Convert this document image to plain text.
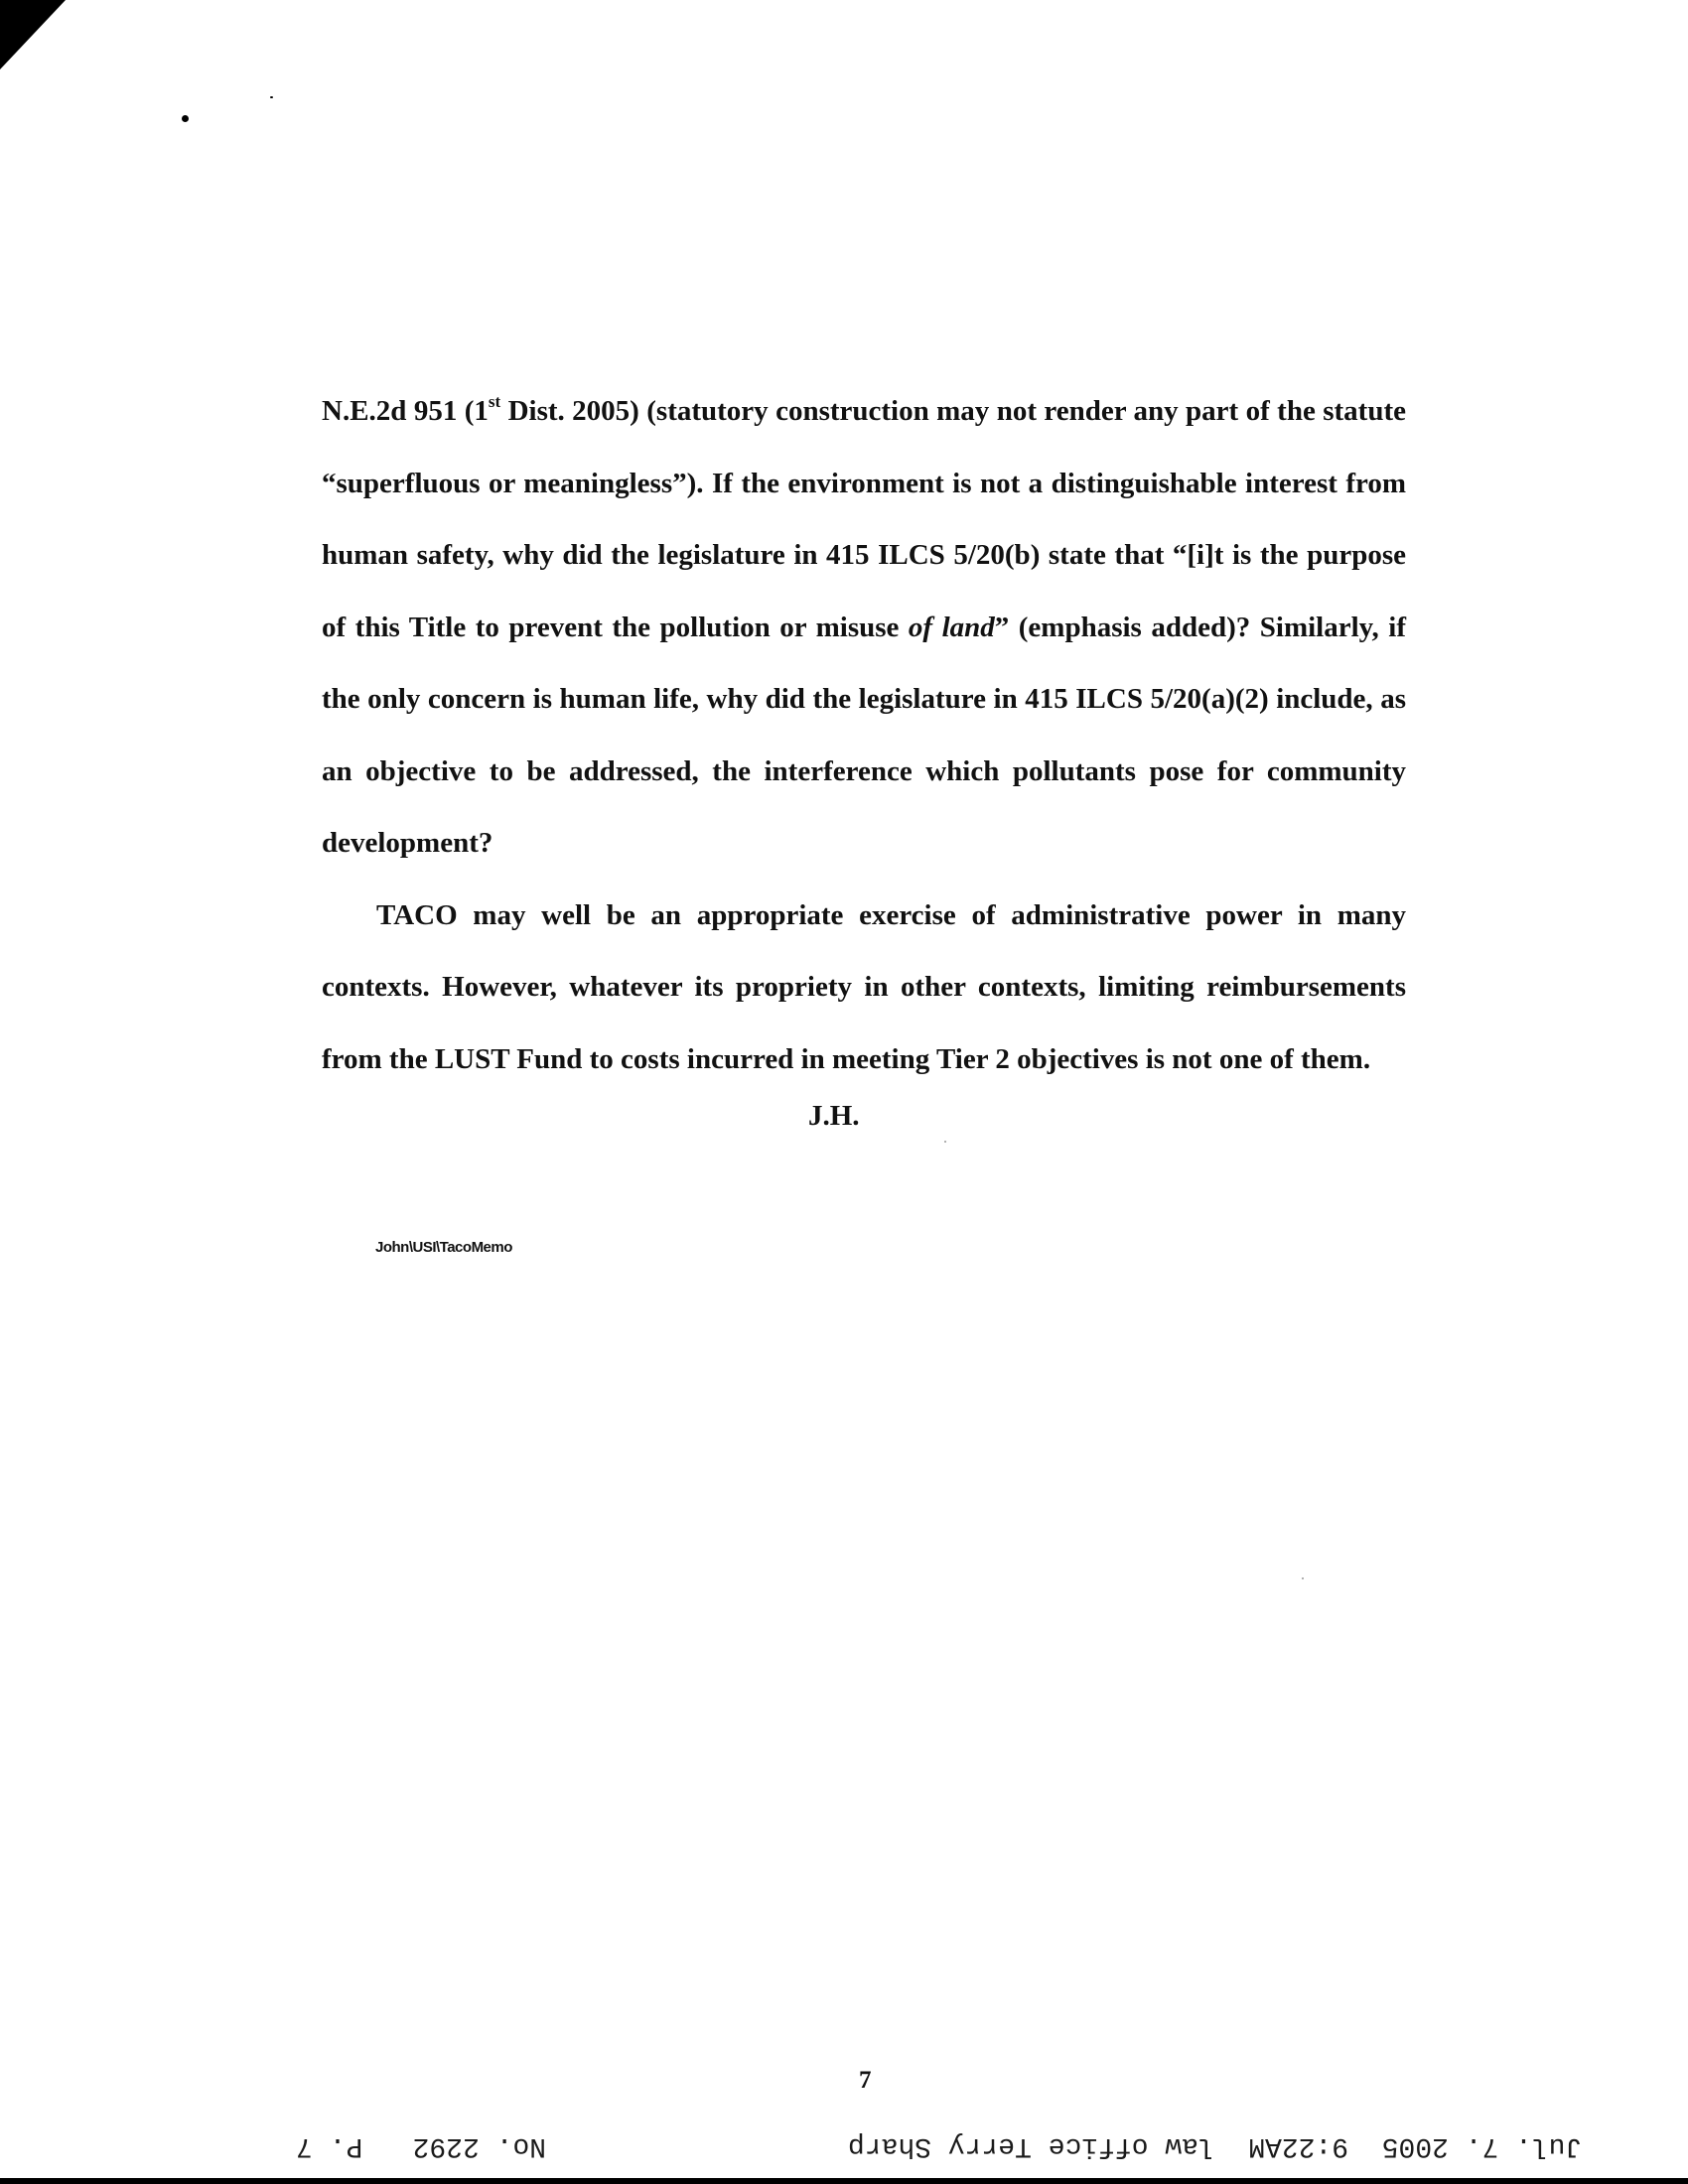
N.E.2d 951 (1st Dist. 2005) (statutory construction may not render any part of the statute “superfluous or meaningless”). If the environment is not a distinguishable interest from human safety, why did the legislature in 415 ILCS 5/20(b) state that “[i]t is the purpose of this Title to prevent the pollution or misuse of land” (emphasis added)? Similarly, if the only concern is human life, why did the legislature in 415 ILCS 5/20(a)(2) include, as an objective to be addressed, the interference which pollutants pose for community development?

TACO may well be an appropriate exercise of administrative power in many contexts. However, whatever its propriety in other contexts, limiting reimbursements from the LUST Fund to costs incurred in meeting Tier 2 objectives is not one of them.

J.H.
John\USI\TacoMemo
7
No. 2292   P. 7	Jul. 7. 2005  9:22AM  law office Terry Sharp
